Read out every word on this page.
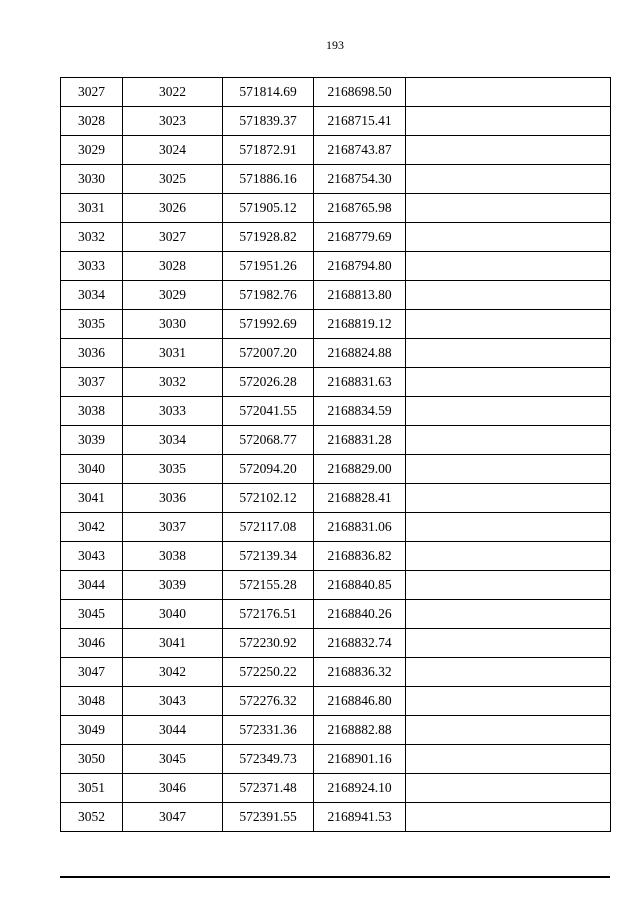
193
3027	3022	571814.69	2168698.50	
3028	3023	571839.37	2168715.41	
3029	3024	571872.91	2168743.87	
3030	3025	571886.16	2168754.30	
3031	3026	571905.12	2168765.98	
3032	3027	571928.82	2168779.69	
3033	3028	571951.26	2168794.80	
3034	3029	571982.76	2168813.80	
3035	3030	571992.69	2168819.12	
3036	3031	572007.20	2168824.88	
3037	3032	572026.28	2168831.63	
3038	3033	572041.55	2168834.59	
3039	3034	572068.77	2168831.28	
3040	3035	572094.20	2168829.00	
3041	3036	572102.12	2168828.41	
3042	3037	572117.08	2168831.06	
3043	3038	572139.34	2168836.82	
3044	3039	572155.28	2168840.85	
3045	3040	572176.51	2168840.26	
3046	3041	572230.92	2168832.74	
3047	3042	572250.22	2168836.32	
3048	3043	572276.32	2168846.80	
3049	3044	572331.36	2168882.88	
3050	3045	572349.73	2168901.16	
3051	3046	572371.48	2168924.10	
3052	3047	572391.55	2168941.53	
